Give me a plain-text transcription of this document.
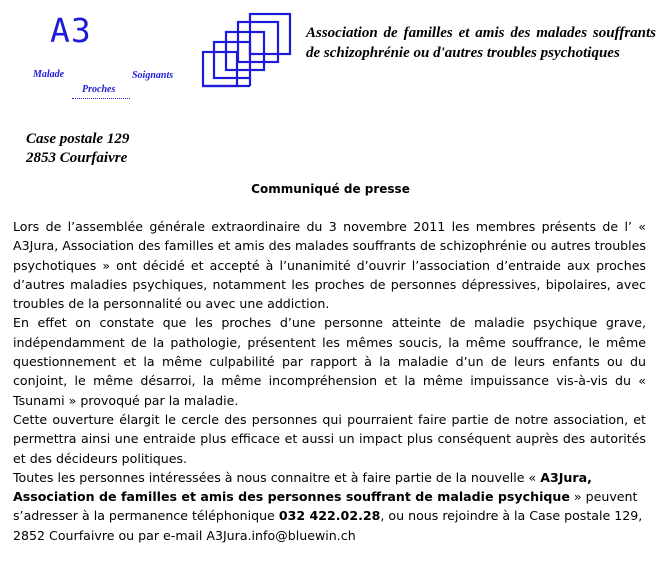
A3
Malade
Proches
Soignants
Association de familles et amis des malades souffrants de schizophrénie ou d'autres troubles psychotiques
Case postale 129
2853 Courfaivre
Communiqué de presse

Lors de l’assemblée générale extraordinaire du 3 novembre 2011 les membres présents de l’ « A3Jura, Association des familles et amis des malades souffrants de schizophrénie ou autres troubles psychotiques » ont décidé et accepté à l’unanimité d’ouvrir l’association d’entraide aux proches d’autres maladies psychiques, notamment les proches de personnes dépressives, bipolaires, avec troubles de la personnalité ou avec une addiction.

En effet on constate que les proches d’une personne atteinte de maladie psychique grave, indépendamment de la pathologie, présentent les mêmes soucis, la même souffrance, le même questionnement et la même culpabilité par rapport à la maladie d’un de leurs enfants ou du conjoint, le même désarroi, la même incompréhension et la même impuissance vis-à-vis du « Tsunami » provoqué par la maladie.

Cette ouverture élargit le cercle des personnes qui pourraient faire partie de notre association, et permettra ainsi une entraide plus efficace et aussi un impact plus conséquent auprès des autorités et des décideurs politiques.

Toutes les personnes intéressées à nous connaitre et à faire partie de la nouvelle « A3Jura, Association de familles et amis des personnes souffrant de maladie psychique » peuvent s’adresser à la permanence téléphonique 032 422.02.28, ou nous rejoindre à la Case postale 129, 2852 Courfaivre ou par e-mail A3Jura.info@bluewin.ch
